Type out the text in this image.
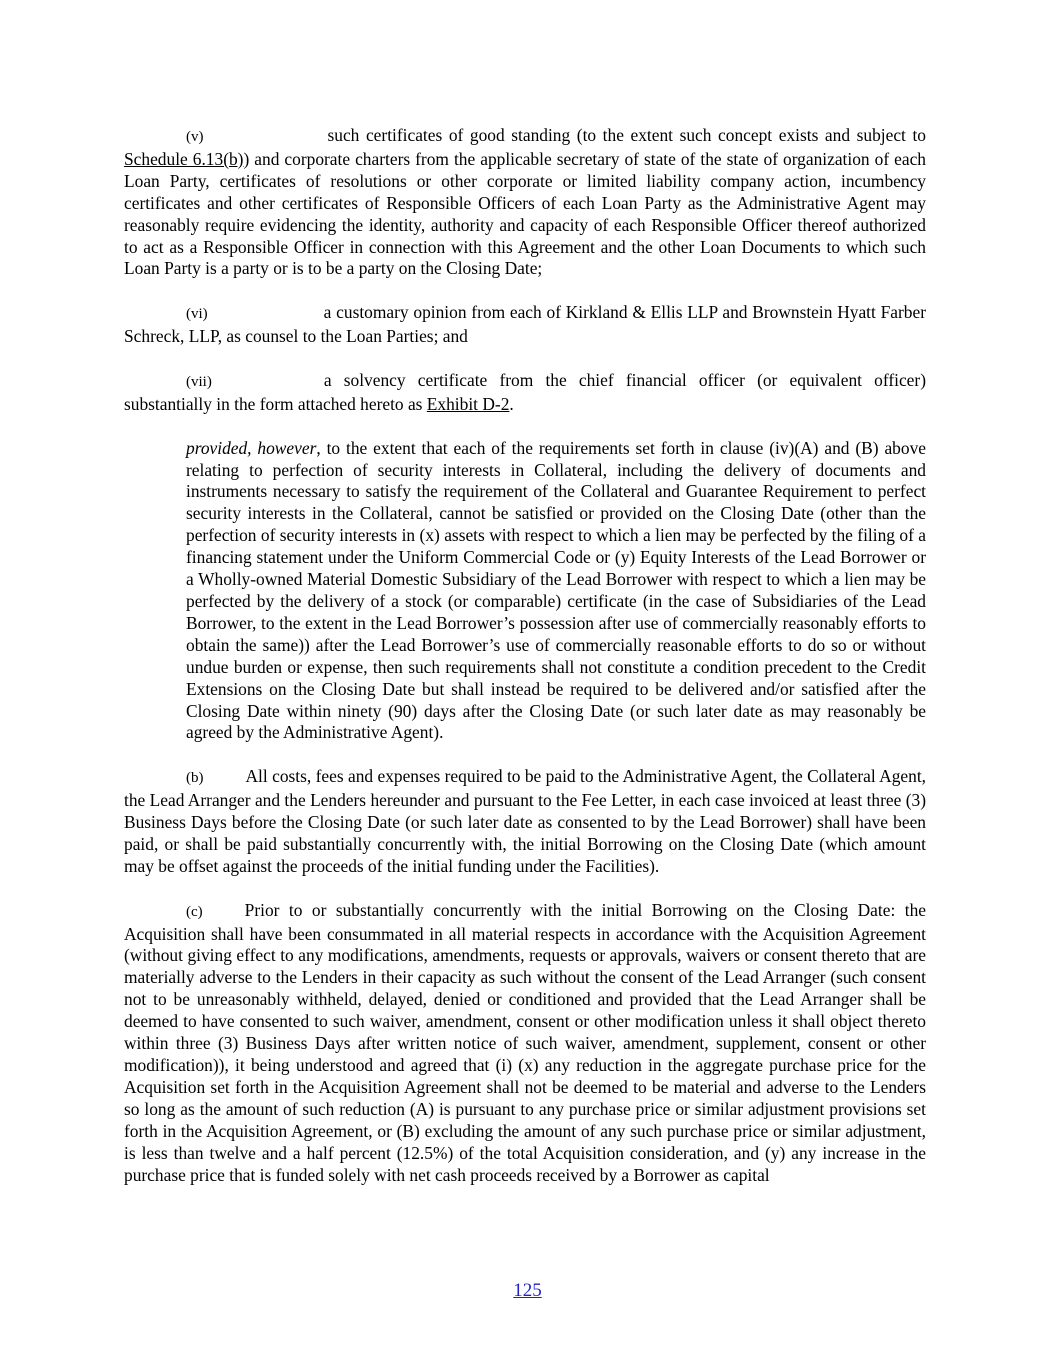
(v)	such certificates of good standing (to the extent such concept exists and subject to Schedule 6.13(b)) and corporate charters from the applicable secretary of state of the state of organization of each Loan Party, certificates of resolutions or other corporate or limited liability company action, incumbency certificates and other certificates of Responsible Officers of each Loan Party as the Administrative Agent may reasonably require evidencing the identity, authority and capacity of each Responsible Officer thereof authorized to act as a Responsible Officer in connection with this Agreement and the other Loan Documents to which such Loan Party is a party or is to be a party on the Closing Date;

(vi)	a customary opinion from each of Kirkland & Ellis LLP and Brownstein Hyatt Farber Schreck, LLP, as counsel to the Loan Parties; and

(vii)	a solvency certificate from the chief financial officer (or equivalent officer) substantially in the form attached hereto as Exhibit D-2.

provided, however, to the extent that each of the requirements set forth in clause (iv)(A) and (B) above relating to perfection of security interests in Collateral, including the delivery of documents and instruments necessary to satisfy the requirement of the Collateral and Guarantee Requirement to perfect security interests in the Collateral, cannot be satisfied or provided on the Closing Date (other than the perfection of security interests in (x) assets with respect to which a lien may be perfected by the filing of a financing statement under the Uniform Commercial Code or (y) Equity Interests of the Lead Borrower or a Wholly-owned Material Domestic Subsidiary of the Lead Borrower with respect to which a lien may be perfected by the delivery of a stock (or comparable) certificate (in the case of Subsidiaries of the Lead Borrower, to the extent in the Lead Borrower’s possession after use of commercially reasonably efforts to obtain the same)) after the Lead Borrower’s use of commercially reasonable efforts to do so or without undue burden or expense, then such requirements shall not constitute a condition precedent to the Credit Extensions on the Closing Date but shall instead be required to be delivered and/or satisfied after the Closing Date within ninety (90) days after the Closing Date (or such later date as may reasonably be agreed by the Administrative Agent).

(b) All costs, fees and expenses required to be paid to the Administrative Agent, the Collateral Agent, the Lead Arranger and the Lenders hereunder and pursuant to the Fee Letter, in each case invoiced at least three (3) Business Days before the Closing Date (or such later date as consented to by the Lead Borrower) shall have been paid, or shall be paid substantially concurrently with, the initial Borrowing on the Closing Date (which amount may be offset against the proceeds of the initial funding under the Facilities).

(c) Prior to or substantially concurrently with the initial Borrowing on the Closing Date: the Acquisition shall have been consummated in all material respects in accordance with the Acquisition Agreement (without giving effect to any modifications, amendments, requests or approvals, waivers or consent thereto that are materially adverse to the Lenders in their capacity as such without the consent of the Lead Arranger (such consent not to be unreasonably withheld, delayed, denied or conditioned and provided that the Lead Arranger shall be deemed to have consented to such waiver, amendment, consent or other modification unless it shall object thereto within three (3) Business Days after written notice of such waiver, amendment, supplement, consent or other modification)), it being understood and agreed that (i) (x) any reduction in the aggregate purchase price for the Acquisition set forth in the Acquisition Agreement shall not be deemed to be material and adverse to the Lenders so long as the amount of such reduction (A) is pursuant to any purchase price or similar adjustment provisions set forth in the Acquisition Agreement, or (B) excluding the amount of any such purchase price or similar adjustment, is less than twelve and a half percent (12.5%) of the total Acquisition consideration, and (y) any increase in the purchase price that is funded solely with net cash proceeds received by a Borrower as capital

125
